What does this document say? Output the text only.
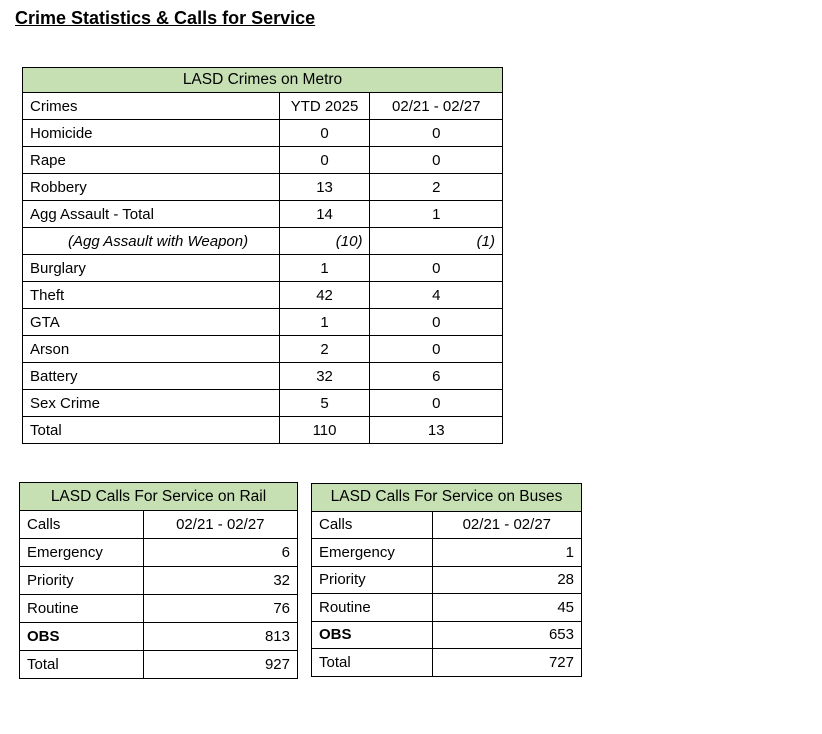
Crime Statistics & Calls for Service
LASD Crimes on Metro		
Crimes	YTD 2025	02/21 - 02/27
Homicide	0	0
Rape	0	0
Robbery	13	2
Agg Assault - Total	14	1
(Agg Assault with Weapon)	(10)	(1)
Burglary	1	0
Theft	42	4
GTA	1	0
Arson	2	0
Battery	32	6
Sex Crime	5	0
Total	110	13
LASD Calls For Service on Rail	
Calls	02/21 - 02/27
Emergency	6
Priority	32
Routine	76
OBS	813
Total	927
LASD Calls For Service on Buses	
Calls	02/21 - 02/27
Emergency	1
Priority	28
Routine	45
OBS	653
Total	727
